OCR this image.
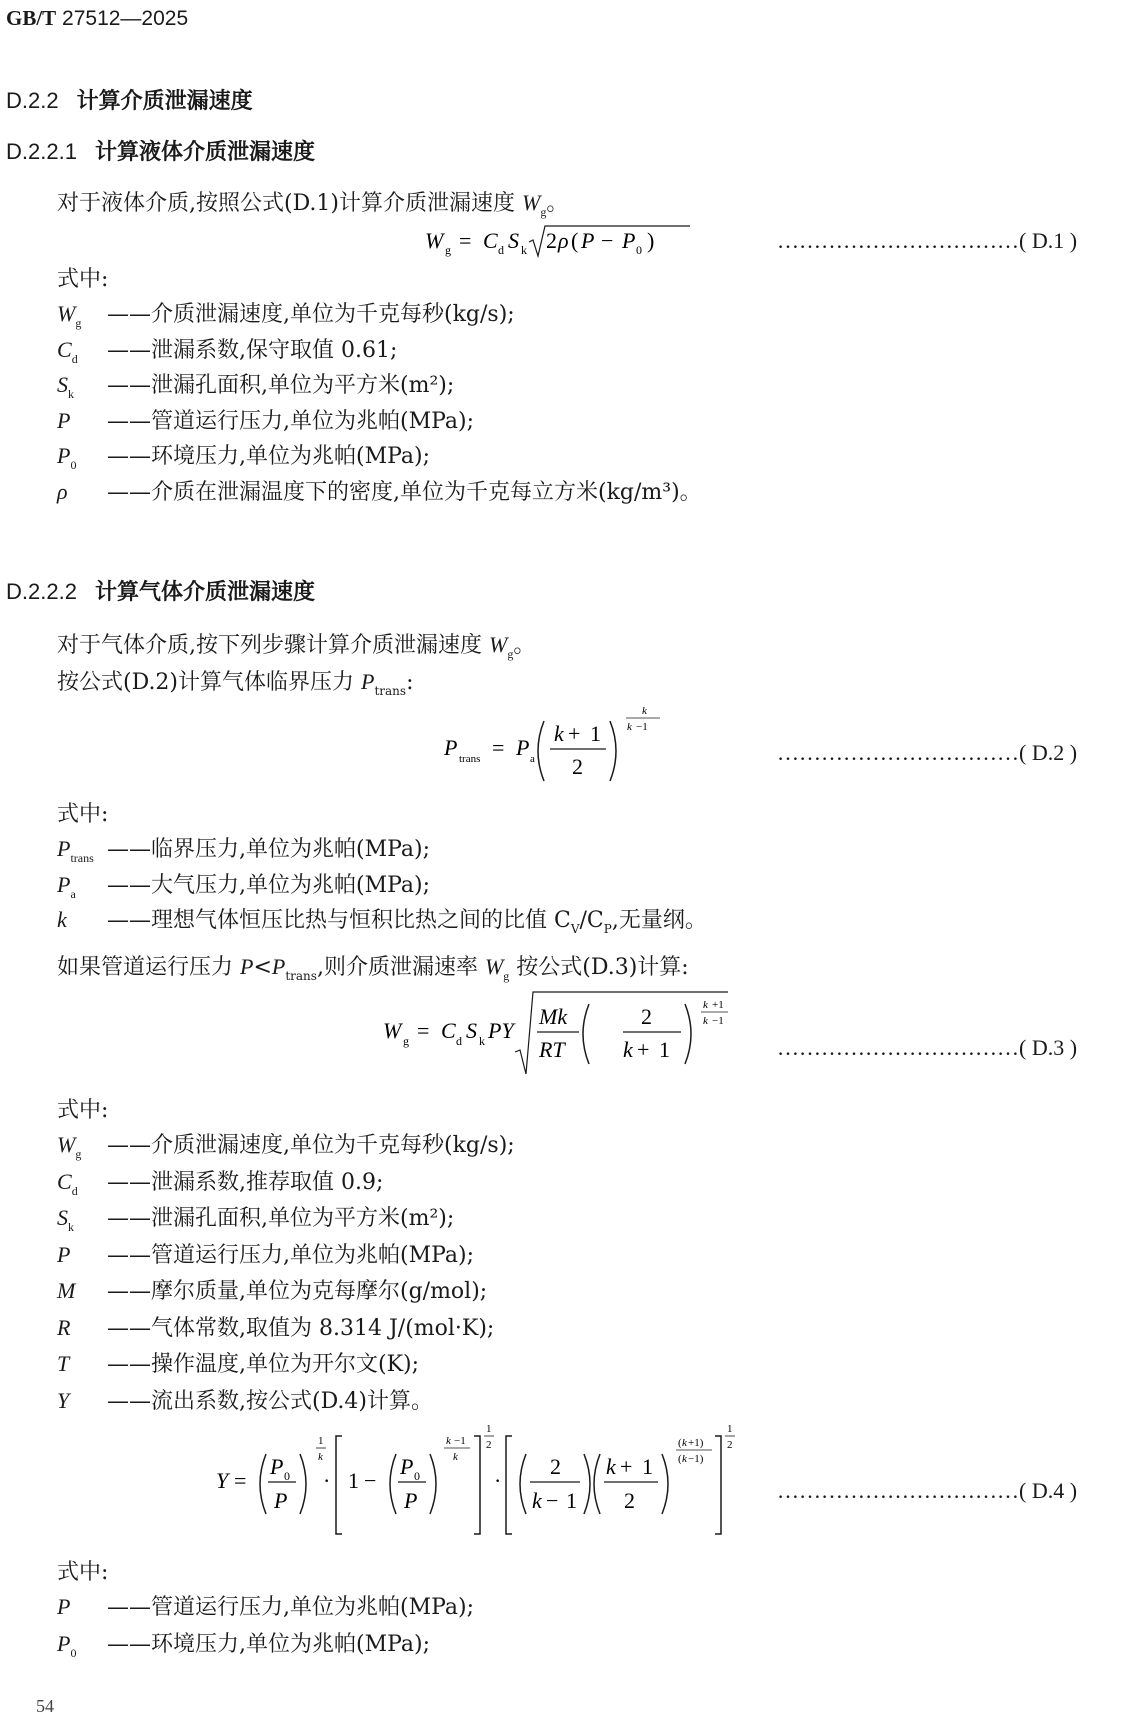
GB/T 27512—2025
D.2.2 计算介质泄漏速度
D.2.2.1 计算液体介质泄漏速度
对于液体介质,按照公式(D.1)计算介质泄漏速度 $W_g$。
W g = C d S k 2 ρ ( P − P 0 )	……………………………( D.1 )
式中:
$W_g$ ——介质泄漏速度,单位为千克每秒(kg/s);
$C_d$ ——泄漏系数,保守取值 0.61;
$S_k$ ——泄漏孔面积,单位为平方米(m²);
P ——管道运行压力,单位为兆帕(MPa);
$P_0$ ——环境压力,单位为兆帕(MPa);
ρ ——介质在泄漏温度下的密度,单位为千克每立方米(kg/m³)。
D.2.2.2 计算气体介质泄漏速度
对于气体介质,按下列步骤计算介质泄漏速度 $W_g$。
按公式(D.2)计算气体临界压力 $P_{trans}$:
P trans = P a
k + 1
2
k
k −1
……………………………( D.2 )
式中:
$P_{trans}$ ——临界压力,单位为兆帕(MPa);
$P_a$ ——大气压力,单位为兆帕(MPa);
k ——理想气体恒压比热与恒积比热之间的比值 $C_V/C_P$,无量纲。
如果管道运行压力 $P<P_{trans}$,则介质泄漏速率 $W_g$ 按公式(D.3)计算:
W g = C d S k PY
Mk
RT
2
k + 1
k +1
k −1
……………………………( D.3 )
式中:
$W_g$ ——介质泄漏速度,单位为千克每秒(kg/s);
$C_d$ ——泄漏系数,推荐取值 0.9;
$S_k$ ——泄漏孔面积,单位为平方米(m²);
P ——管道运行压力,单位为兆帕(MPa);
M ——摩尔质量,单位为克每摩尔(g/mol);
R ——气体常数,取值为 8.314 J/(mol·K);
T ——操作温度,单位为开尔文(K);
Y ——流出系数,按公式(D.4)计算。
Y =
P 0
P
1
k
· 1 −
P 0
P
k −1
k
1
2
·
2
k − 1
k + 1
2
( k +1)
( k −1)
1
2
……………………………( D.4 )
式中:
P ——管道运行压力,单位为兆帕(MPa);
$P_0$ ——环境压力,单位为兆帕(MPa);
54
